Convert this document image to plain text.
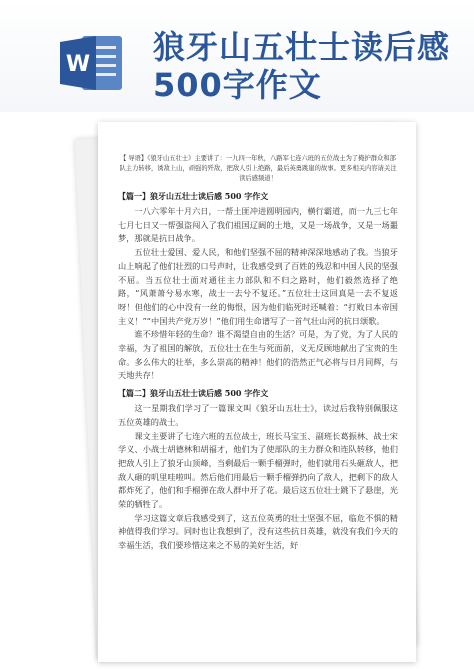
W 狼牙山五壮士读后感500字作文

【 导语】《狼牙山五壮士》主要讲了：一九四一年秋，八路军七连六班的五位战士为了掩护群众和部队主力转移，诱敌上山，顽强的歼敌，把敌人引上绝路，最后英勇跳崖的故事。更多相关内容请关注读后感频道！

【篇一】狼牙山五壮士读后感 500 字作文

一八六零年十月六日，一帮土匪冲进圆明园内，横行霸道，而一九三七年七月七日又一帮强盗闯入了我们祖国辽阔的土地，又是一场战争，又是一场噩梦，那就是抗日战争。

五位壮士爱国、爱人民，和他们坚强不屈的精神深深地感动了我。当狼牙山上响起了他们壮烈的口号声时，让我感受到了百姓的残忍和中国人民的坚强不屈。当五位壮士面对通往主力部队和不归之路时，他们毅然选择了绝路，“风萧萧兮易水寒，战士一去兮不复还。”五位壮士这回真是一去不复返呀！但他们的心中没有一丝的悔恨，因为他们临死时还喊着：“打败日本帝国主义！”“中国共产党万岁！”他们用生命谱写了一首气壮山河的抗日颂歌。

谁不珍惜年轻的生命？谁不渴望自由的生活？可是，为了党，为了人民的幸福，为了祖国的解放，五位壮士在生与死面前，义无反顾地献出了宝贵的生命。多么伟大的壮举，多么崇高的精神！他们的浩然正气必将与日月同辉，与天地共存！

【篇二】狼牙山五壮士读后感 500 字作文

这一星期我们学习了一篇课文叫《狼牙山五壮士》，读过后我特别佩服这五位英雄的战士。

课文主要讲了七连六班的五位战士，班长马宝玉、副班长葛振林、战士宋学义、小战士胡德林和胡福才，他们为了使部队的主力群众和连队转移，他们把敌人引上了狼牙山顶峰，当剩最后一颗手榴弹时，他们就用石头砸敌人，把敌人砸的叽里哇啦叫。然后他们用最后一颗手榴弹扔向了敌人，把剩下的敌人都炸死了，他们和手榴弹在敌人群中开了花。最后这五位壮士跳下了悬崖，光荣的牺牲了。

学习这篇文章后我感受到了，这五位英勇的壮士坚强不屈，临危不惧的精神值得我们学习。同时也让我想到了，没有这些抗日英雄，就没有我们今天的幸福生活，我们要珍惜这来之不易的美好生活，好
